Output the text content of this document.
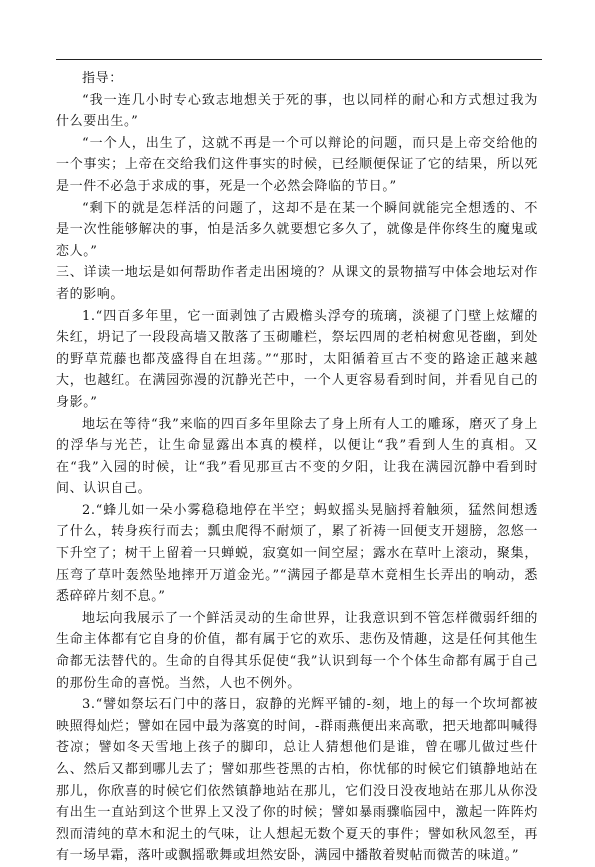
指导：

“我一连几小时专心致志地想关于死的事，也以同样的耐心和方式想过我为什么要出生。”

“一个人，出生了，这就不再是一个可以辩论的问题，而只是上帝交给他的一个事实；上帝在交给我们这件事实的时候，已经顺便保证了它的结果，所以死是一件不必急于求成的事，死是一个必然会降临的节日。”

“剩下的就是怎样活的问题了，这却不是在某一个瞬间就能完全想透的、不是一次性能够解决的事，怕是活多久就要想它多久了，就像是伴你终生的魔鬼或恋人。”

三、详读一地坛是如何帮助作者走出困境的？从课文的景物描写中体会地坛对作者的影响。

1.“四百多年里，它一面剥蚀了古殿檐头浮夸的琉璃，淡褪了门壁上炫耀的朱红，坍记了一段段高墙又散落了玉砌雕栏，祭坛四周的老柏树愈见苍幽，到处的野草荒藤也都茂盛得自在坦荡。”“那时，太阳循着亘古不变的路途正越来越大，也越红。在满园弥漫的沉静光芒中，一个人更容易看到时间，并看见自己的身影。”

地坛在等待“我”来临的四百多年里除去了身上所有人工的雕琢，磨灭了身上的浮华与光芒，让生命显露出本真的模样，以便让“我”看到人生的真相。又在“我”入园的时候，让“我”看见那亘古不变的夕阳，让我在满园沉静中看到时间、认识自己。

2.“蜂儿如一朵小雾稳稳地停在半空；蚂蚁摇头晃脑捋着触须，猛然间想透了什么，转身疾行而去；瓢虫爬得不耐烦了，累了祈祷一回便支开翅膀，忽悠一下升空了；树干上留着一只蝉蜕，寂寞如一间空屋；露水在草叶上滚动，聚集，压弯了草叶轰然坠地摔开万道金光。”“满园子都是草木竟相生长弄出的响动，悉悉碎碎片刻不息。”

地坛向我展示了一个鲜活灵动的生命世界，让我意识到不管怎样微弱纤细的生命主体都有它自身的价值，都有属于它的欢乐、悲伤及情趣，这是任何其他生命都无法替代的。生命的自得其乐促使“我”认识到每一个个体生命都有属于自己的那份生命的喜悦。当然，人也不例外。

3.“譬如祭坛石门中的落日，寂静的光辉平铺的-刻，地上的每一个坎坷都被映照得灿烂；譬如在园中最为落寞的时间，-群雨燕便出来高歌，把天地都叫喊得苍凉；譬如冬天雪地上孩子的脚印，总让人猜想他们是谁，曾在哪儿做过些什么、然后又都到哪儿去了；譬如那些苍黑的古柏，你忧郁的时候它们镇静地站在那儿，你欣喜的时候它们依然镇静地站在那儿，它们没日没夜地站在那儿从你没有出生一直站到这个世界上又没了你的时候；譬如暴雨骤临园中，激起一阵阵灼烈而清纯的草木和泥土的气味，让人想起无数个夏天的事件；譬如秋风忽至，再有一场早霜，落叶或飘摇歌舞或坦然安卧，满园中播散着熨帖而微苦的味道。”
